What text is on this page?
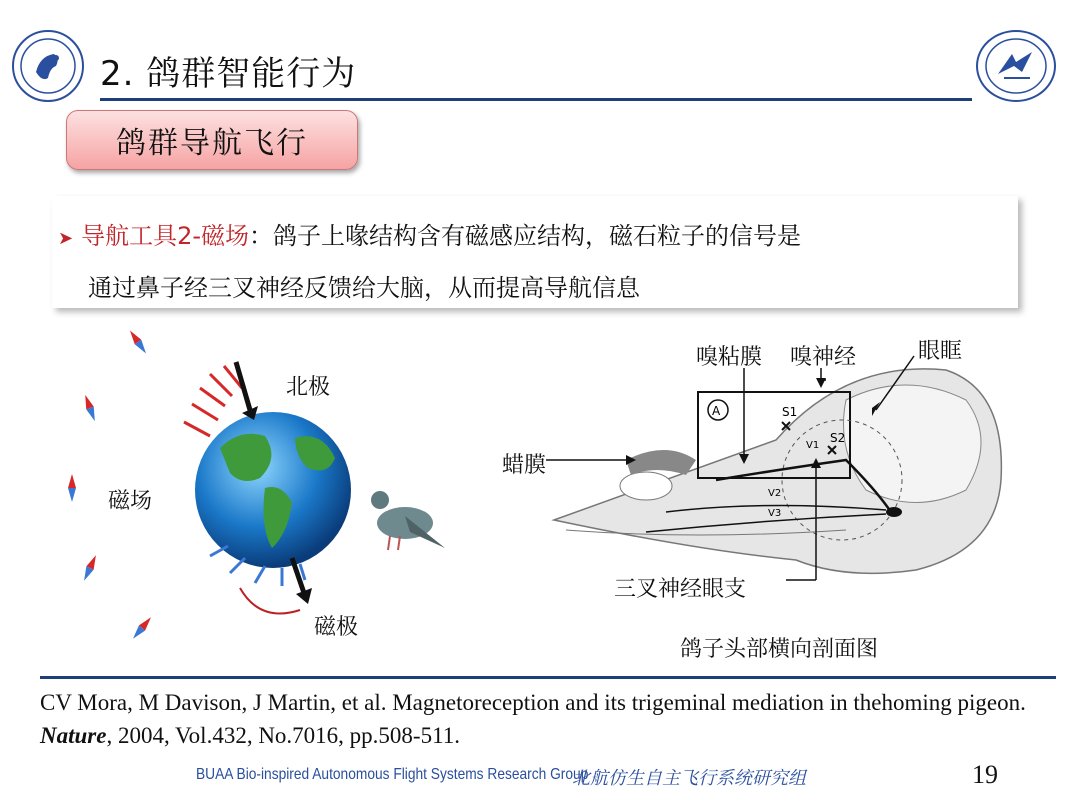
2. 鸽群智能行为
鸽群导航飞行
➤ 导航工具2-磁场：鸽子上喙结构含有磁感应结构，磁石粒子的信号是
通过鼻子经三叉神经反馈给大脑，从而提高导航信息
北极
磁场
磁极
S1
S2
V1
V2
V3
A
嗅粘膜 嗅神经	眼眶
蜡膜
三叉神经眼支
鸽子头部横向剖面图
CV Mora, M Davison, J Martin, et al. Magnetoreception and its trigeminal mediation in thehoming pigeon. Nature, 2004, Vol.432, No.7016, pp.508-511.
BUAA Bio-inspired Autonomous Flight Systems Research Group
北航仿生自主飞行系统研究组	19
